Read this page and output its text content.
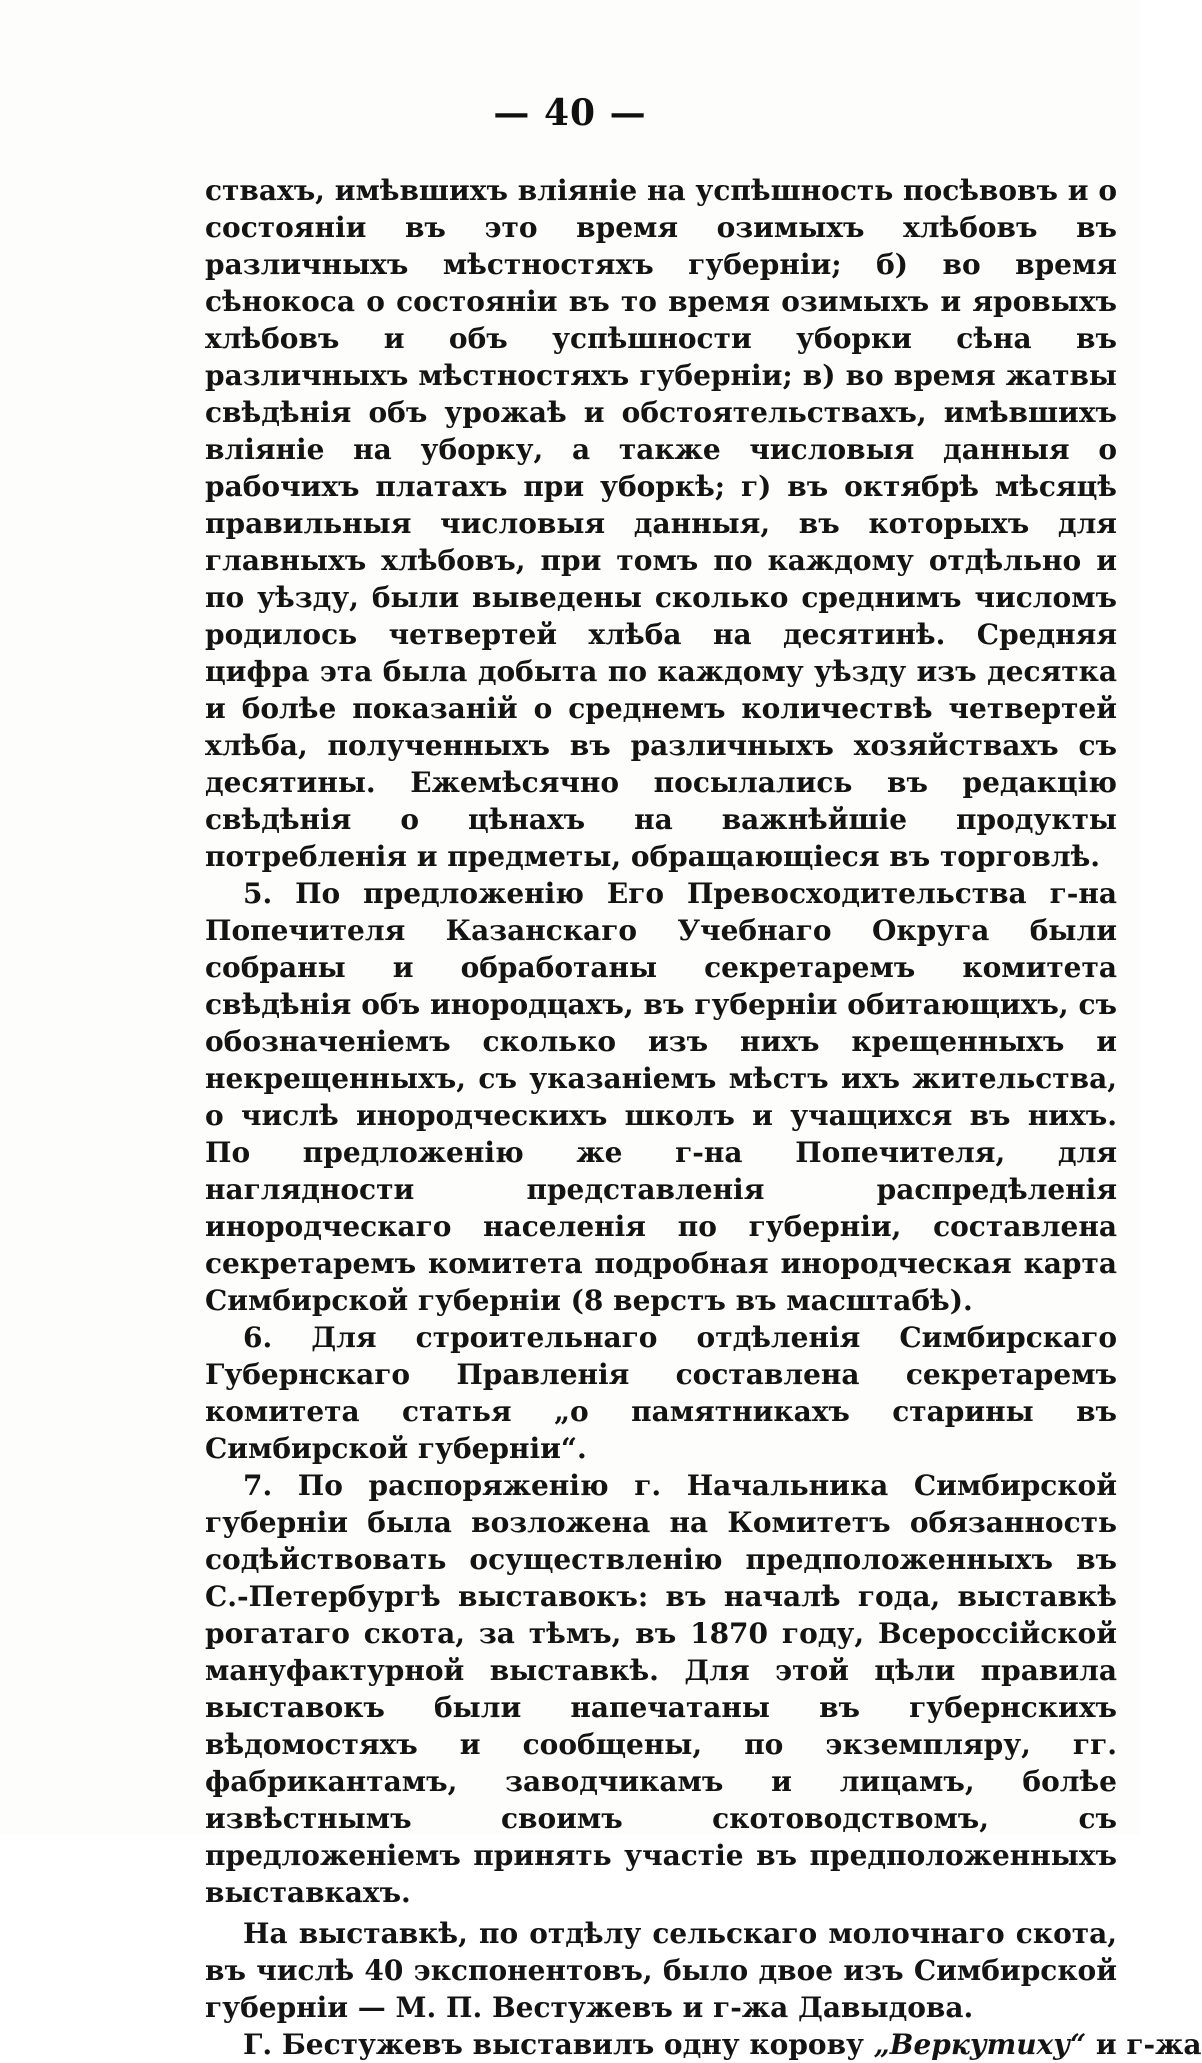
— 40 —

ствахъ, имѣвшихъ вліяніе на успѣшность посѣвовъ и о состояніи въ это время озимыхъ хлѣбовъ въ различныхъ мѣстностяхъ губерніи; б) во время сѣнокоса о состояніи въ то время озимыхъ и яровыхъ хлѣбовъ и объ успѣшности уборки сѣна въ различныхъ мѣстностяхъ губерніи; в) во время жатвы свѣдѣнія объ урожаѣ и обстоятельствахъ, имѣвшихъ вліяніе на уборку, а также числовыя данныя о рабочихъ платахъ при уборкѣ; г) въ октябрѣ мѣсяцѣ правильныя числовыя данныя, въ которыхъ для главныхъ хлѣбовъ, при томъ по каждому отдѣльно и по уѣзду, были выведены сколько среднимъ числомъ родилось четвертей хлѣба на десятинѣ. Средняя цифра эта была добыта по каждому уѣзду изъ десятка и болѣе показаній о среднемъ количествѣ четвертей хлѣба, полученныхъ въ различныхъ хозяйствахъ съ десятины. Ежемѣсячно посылались въ редакцію свѣдѣнія о цѣнахъ на важнѣйшіе продукты потребленія и предметы, обращающіеся въ торговлѣ.

5. По предложенію Его Превосходительства г-на Попечителя Казанскаго Учебнаго Округа были собраны и обработаны секретаремъ комитета свѣдѣнія объ инородцахъ, въ губерніи обитающихъ, съ обозначеніемъ сколько изъ нихъ крещенныхъ и некрещенныхъ, съ указаніемъ мѣстъ ихъ жительства, о числѣ инородческихъ школъ и учащихся въ нихъ. По предложенію же г-на Попечителя, для наглядности представленія распредѣленія инородческаго населенія по губерніи, составлена секретаремъ комитета подробная инородческая карта Симбирской губерніи (8 верстъ въ масштабѣ).

6. Для строительнаго отдѣленія Симбирскаго Губернскаго Правленія составлена секретаремъ комитета статья „о памятникахъ старины въ Симбирской губерніи“.

7. По распоряженію г. Начальника Симбирской губерніи была возложена на Комитетъ обязанность содѣйствовать осуществленію предположенныхъ въ С.-Петербургѣ выставокъ: въ началѣ года, выставкѣ рогатаго скота, за тѣмъ, въ 1870 году, Всероссійской мануфактурной выставкѣ. Для этой цѣли правила выставокъ были напечатаны въ губернскихъ вѣдомостяхъ и сообщены, по экземпляру, гг. фабрикантамъ, заводчикамъ и лицамъ, болѣе извѣстнымъ своимъ скотоводствомъ, съ предложеніемъ принять участіе въ предположенныхъ выставкахъ.

На выставкѣ, по отдѣлу сельскаго молочнаго скота, въ числѣ 40 экспонентовъ, было двое изъ Симбирской губерніи — М. П. Вестужевъ и г-жа Давыдова.

Г. Бестужевъ выставилъ одну корову „Веркутиху“ и г-жа
